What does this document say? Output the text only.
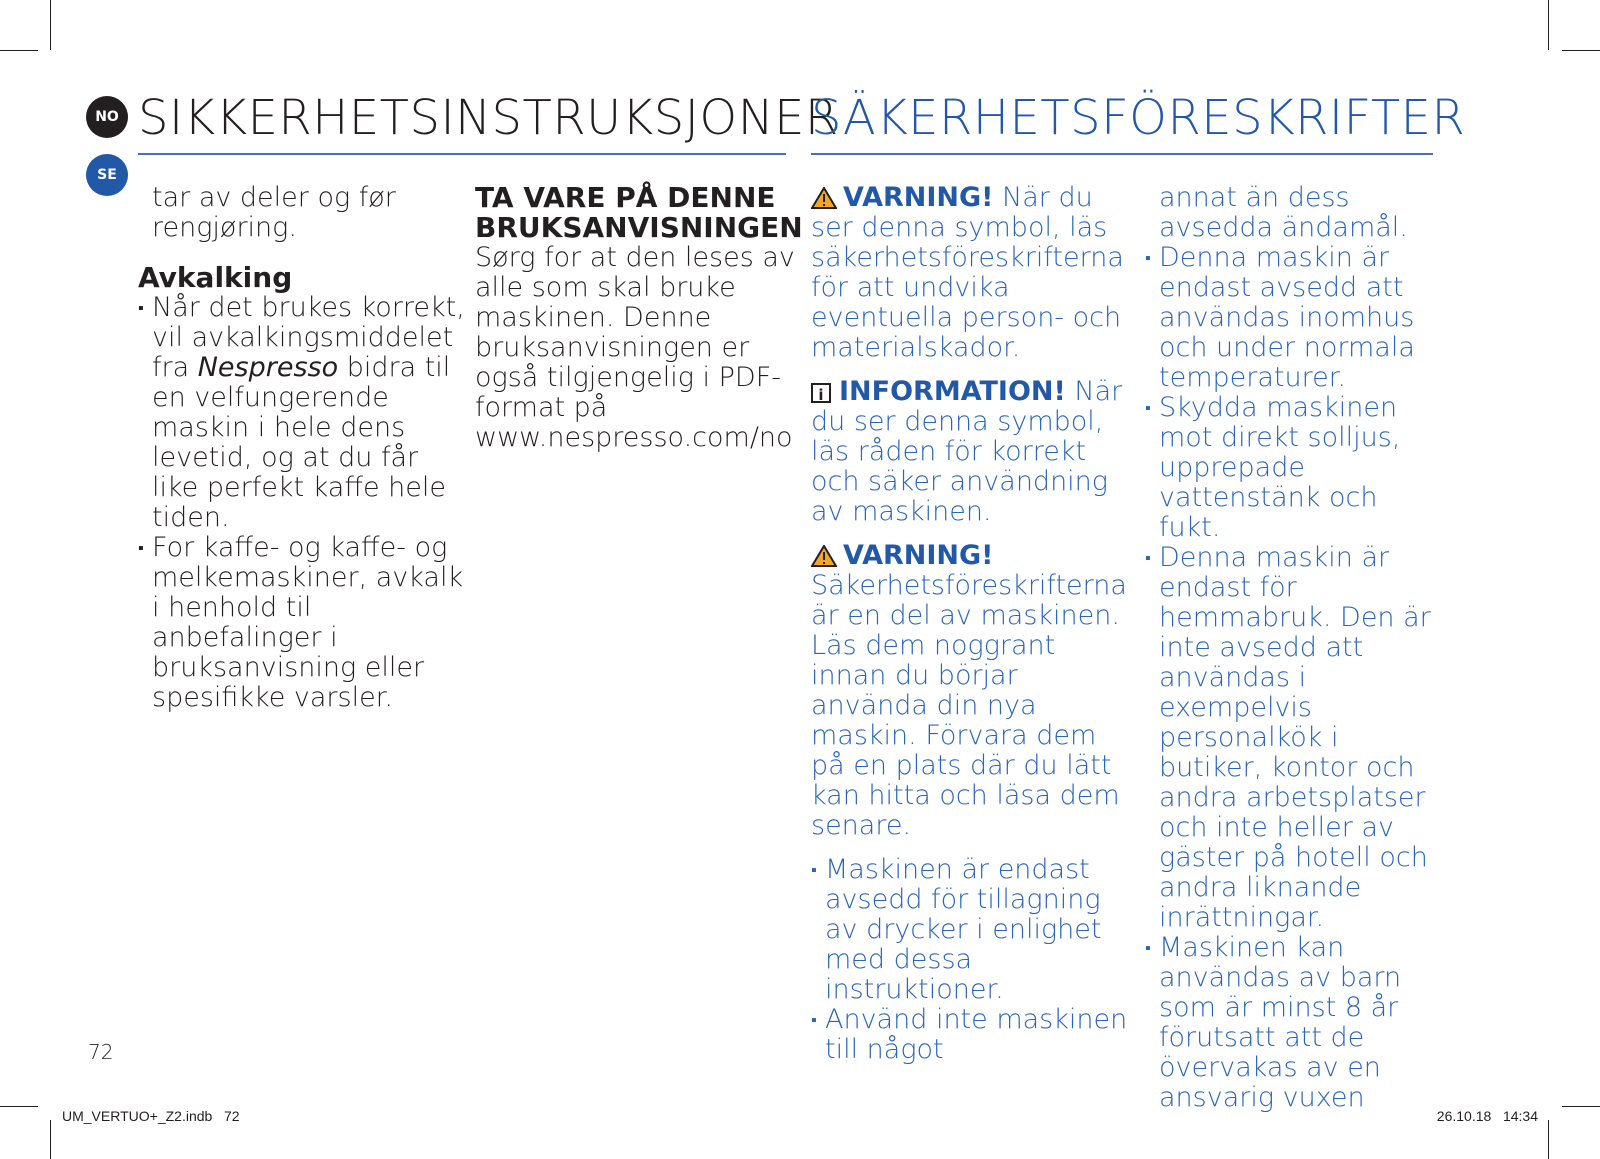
NO
SE
SIKKERHETSINSTRUKSJONER
SÄKERHETSFÖRESKRIFTER

tar av deler og før rengjøring.

Avkalking

▪ Når det brukes korrekt, vil avkalkingsmiddelet fra Nespresso bidra til en velfungerende maskin i hele dens levetid, og at du får like perfekt kaffe hele tiden.
▪ For kaffe- og kaffe- og melkemaskiner, avkalk i henhold til anbefalinger i bruksanvisning eller spesifikke varsler.

TA VARE PÅ DENNE BRUKSANVISNINGEN

Sørg for at den leses av alle som skal bruke maskinen. Denne bruksanvisningen er også tilgjengelig i PDF-format på www.nespresso.com/no

VARNING! När du ser denna symbol, läs säkerhetsföreskrifterna för att undvika eventuella person- och materialskador.

i INFORMATION! När du ser denna symbol, läs råden för korrekt och säker användning av maskinen.

VARNING!
Säkerhetsföreskrifterna är en del av maskinen. Läs dem noggrant innan du börjar använda din nya maskin. Förvara dem på en plats där du lätt kan hitta och läsa dem senare.

▪ Maskinen är endast avsedd för tillagning av drycker i enlighet med dessa instruktioner.
▪ Använd inte maskinen till något

annat än dess avsedda ändamål.

▪ Denna maskin är endast avsedd att användas inomhus och under normala temperaturer.
▪ Skydda maskinen mot direkt solljus, upprepade vattenstänk och fukt.
▪ Denna maskin är endast för hemmabruk. Den är inte avsedd att användas i exempelvis personalkök i butiker, kontor och andra arbetsplatser och inte heller av gäster på hotell och andra liknande inrättningar.
▪ Maskinen kan användas av barn som är minst 8 år förutsatt att de övervakas av en ansvarig vuxen
72
UM_VERTUO+_Z2.indb   72	26.10.18   14:34
